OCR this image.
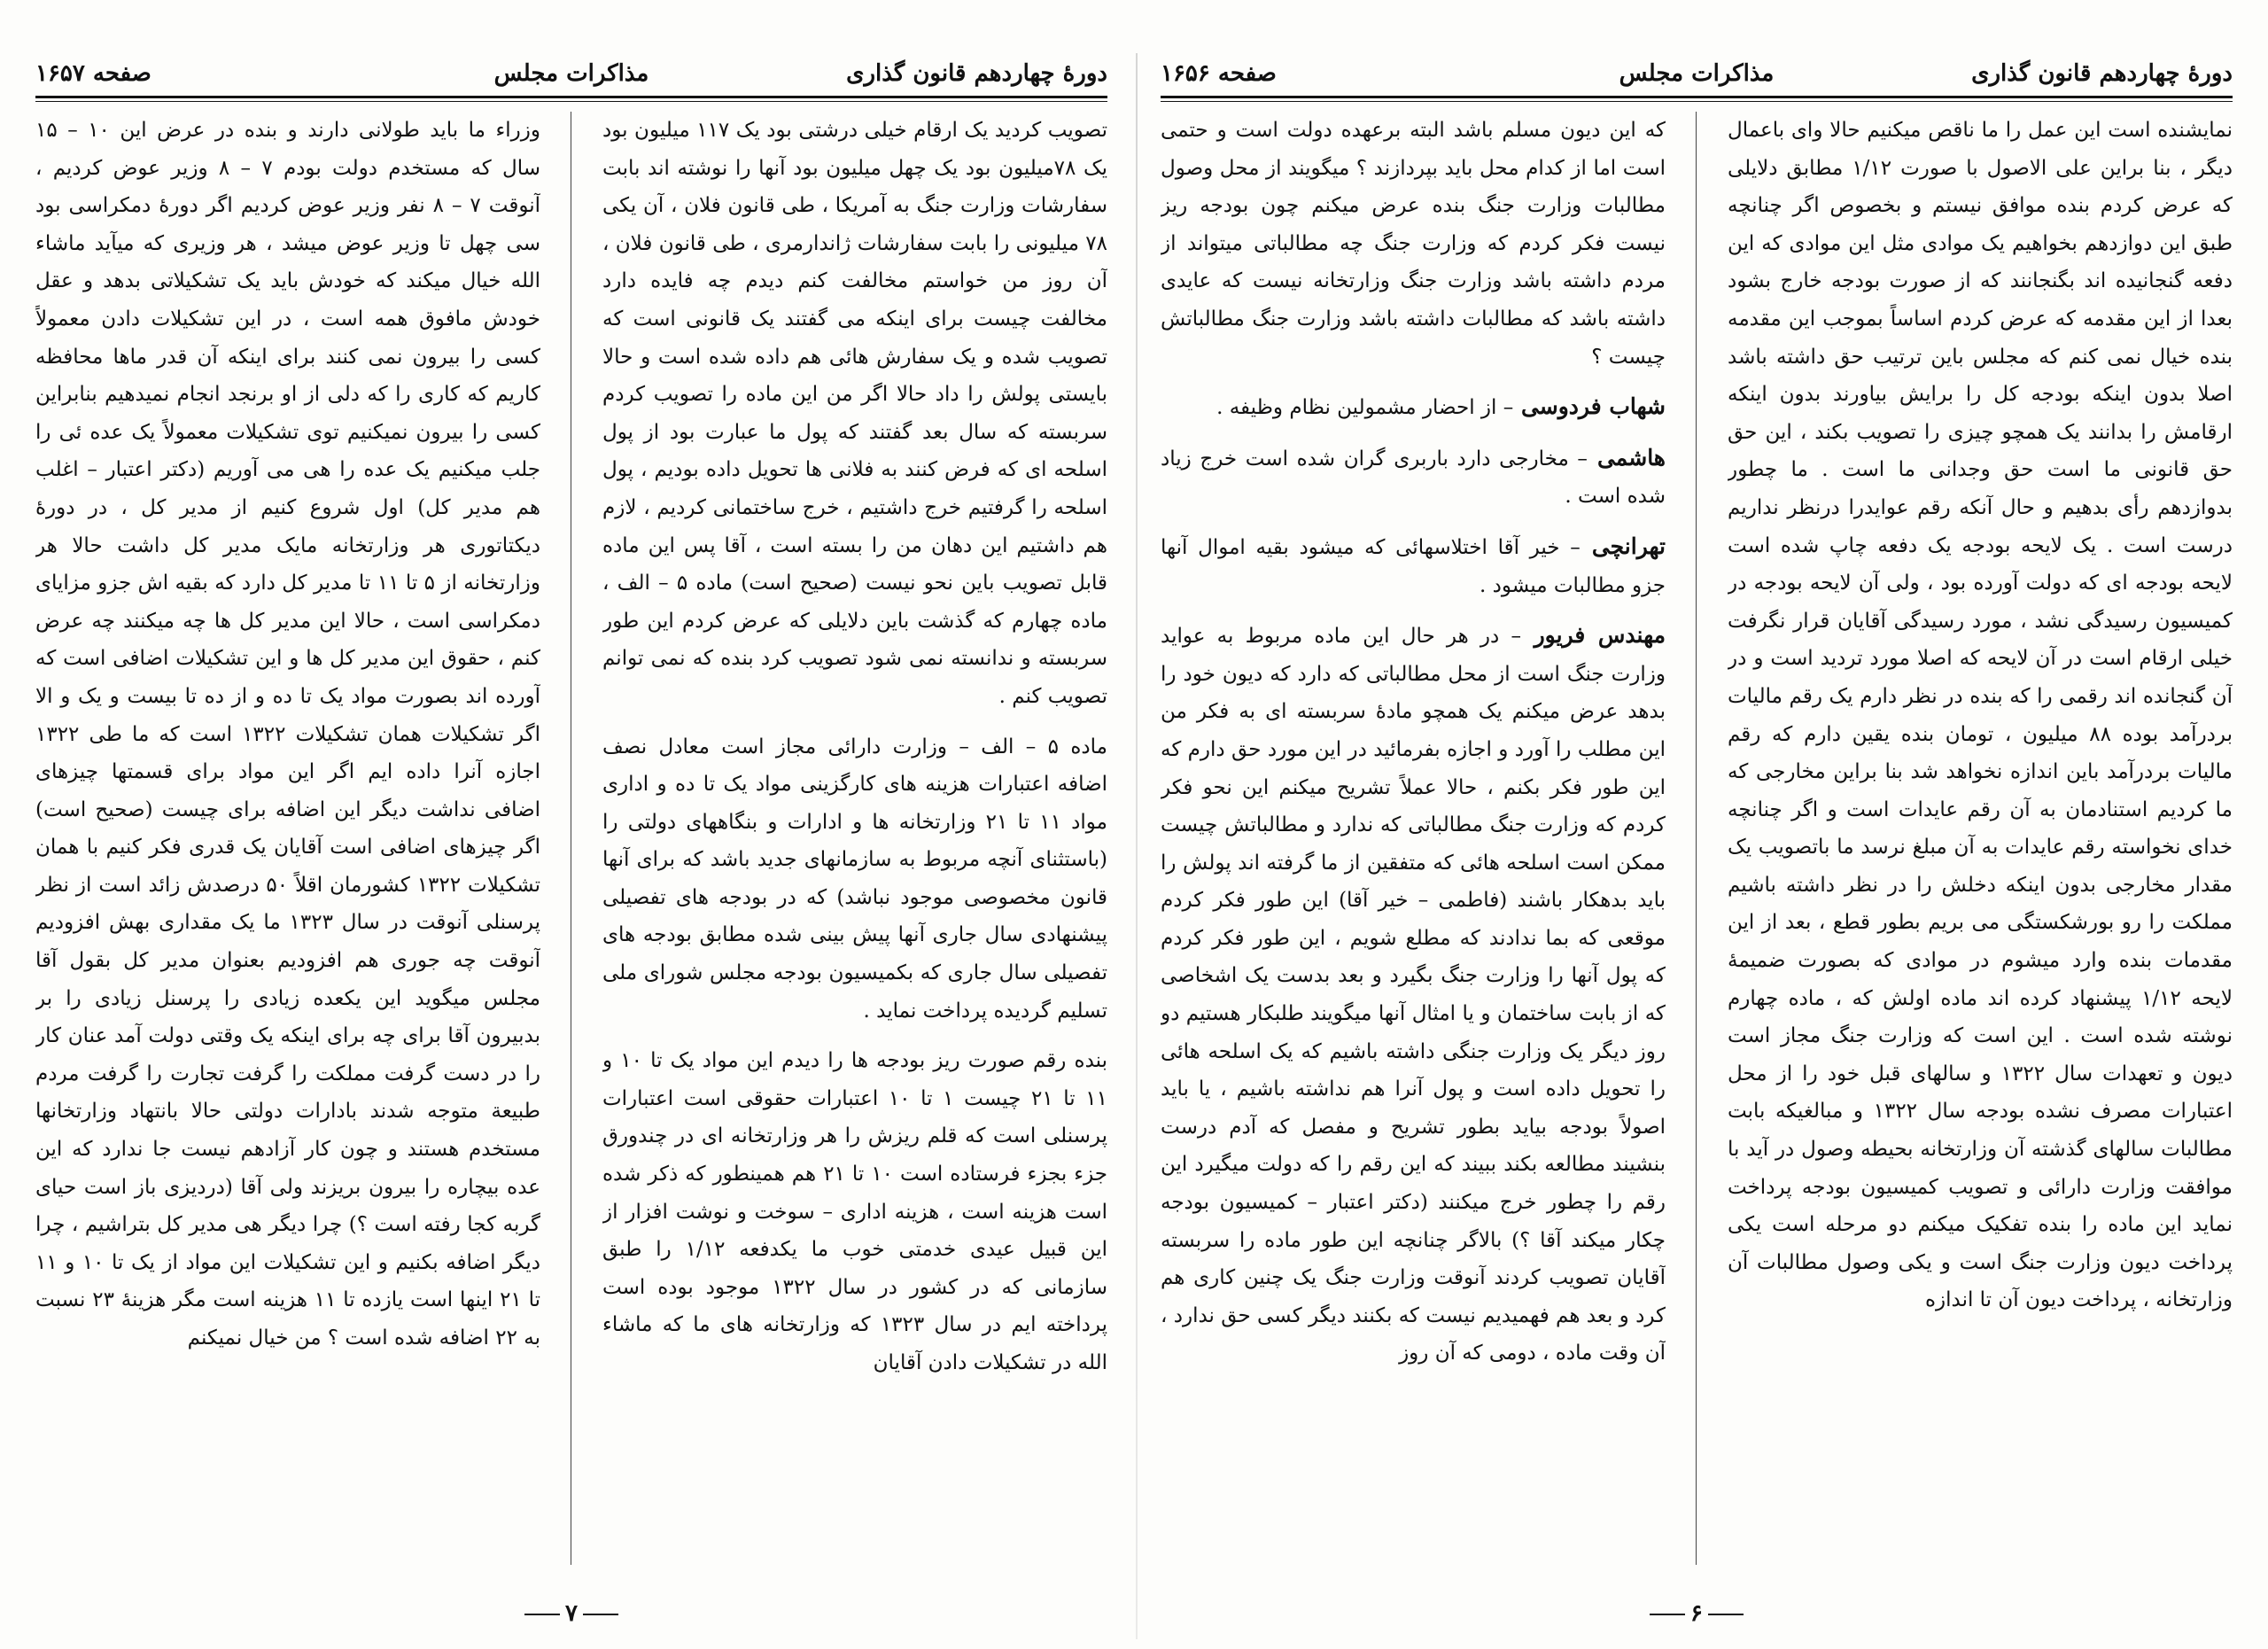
دورهٔ چهاردهم قانون گذاری
مذاکرات مجلس
صفحه ۱۶۵۷

تصویب کردید یک ارقام خیلی درشتی بود یک ۱۱۷ میلیون بود یک ۷۸میلیون بود یک چهل میلیون بود آنها را نوشته اند بابت سفارشات وزارت جنگ به آمریکا ، طی قانون فلان ، آن یکی ۷۸ میلیونی را بابت سفارشات ژاندارمری ، طی قانون فلان ، آن روز من خواستم مخالفت کنم دیدم چه فایده دارد مخالفت چیست برای اینکه می گفتند یک قانونی است که تصویب شده و یک سفارش هائی هم داده شده است و حالا بایستی پولش را داد حالا اگر من این ماده را تصویب کردم سربسته که سال بعد گفتند که پول ما عبارت بود از پول اسلحه ای که فرض کنند به فلانی ها تحویل داده بودیم ، پول اسلحه را گرفتیم خرج داشتیم ، خرج ساختمانی کردیم ، لازم هم داشتیم این دهان من را بسته است ، آقا پس این ماده قابل تصویب باین نحو نیست (صحیح است) ماده ۵ – الف ، ماده چهارم که گذشت باین دلایلی که عرض کردم این طور سربسته و ندانسته نمی شود تصویب کرد بنده که نمی توانم تصویب کنم .

ماده ۵ – الف – وزارت دارائی مجاز است معادل نصف اضافه اعتبارات هزینه های کارگزینی مواد یک تا ده و اداری مواد ۱۱ تا ۲۱ وزارتخانه ها و ادارات و بنگاههای دولتی را (باستثنای آنچه مربوط به سازمانهای جدید باشد که برای آنها قانون مخصوصی موجود نباشد) که در بودجه های تفصیلی پیشنهادی سال جاری آنها پیش بینی شده مطابق بودجه های تفصیلی سال جاری که بکمیسیون بودجه مجلس شورای ملی تسلیم گردیده پرداخت نماید .

بنده رقم صورت ریز بودجه ها را دیدم این مواد یک تا ۱۰ و ۱۱ تا ۲۱ چیست ۱ تا ۱۰ اعتبارات حقوقی است اعتبارات پرسنلی است که قلم ریزش را هر وزارتخانه ای در چندورق جزء بجزء فرستاده است ۱۰ تا ۲۱ هم همینطور که ذکر شده است هزینه است ، هزینه اداری – سوخت و نوشت افزار از این قبیل عیدی خدمتی خوب ما یکدفعه ۱/۱۲ را طبق سازمانی که در کشور در سال ۱۳۲۲ موجود بوده است پرداخته ایم در سال ۱۳۲۳ که وزارتخانه های ما که ماشاء الله در تشکیلات دادن آقایان

وزراء ما باید طولانی دارند و بنده در عرض این ۱۰ – ۱۵ سال که مستخدم دولت بودم ۷ – ۸ وزیر عوض کردیم ، آنوقت ۷ – ۸ نفر وزیر عوض کردیم اگر دورهٔ دمکراسی بود سی چهل تا وزیر عوض میشد ، هر وزیری که میآید ماشاء الله خیال میکند که خودش باید یک تشکیلاتی بدهد و عقل خودش مافوق همه است ، در این تشکیلات دادن معمولاً کسی را بیرون نمی کنند برای اینکه آن قدر ماها محافظه کاریم که کاری را که دلی از او برنجد انجام نمیدهیم بنابراین کسی را بیرون نمیکنیم توی تشکیلات معمولاً یک عده ئی را جلب میکنیم یک عده را هی می آوریم (دکتر اعتبار – اغلب هم مدیر کل) اول شروع کنیم از مدیر کل ، در دورهٔ دیکتاتوری هر وزارتخانه مایک مدیر کل داشت حالا هر وزارتخانه از ۵ تا ۱۱ تا مدیر کل دارد که بقیه اش جزو مزایای دمکراسی است ، حالا این مدیر کل ها چه میکنند چه عرض کنم ، حقوق این مدیر کل ها و این تشکیلات اضافی است که آورده اند بصورت مواد یک تا ده و از ده تا بیست و یک و الا اگر تشکیلات همان تشکیلات ۱۳۲۲ است که ما طی ۱۳۲۲ اجازه آنرا داده ایم اگر این مواد برای قسمتها چیزهای اضافی نداشت دیگر این اضافه برای چیست (صحیح است) اگر چیزهای اضافی است آقایان یک قدری فکر کنیم با همان تشکیلات ۱۳۲۲ کشورمان اقلاً ۵۰ درصدش زائد است از نظر پرسنلی آنوقت در سال ۱۳۲۳ ما یک مقداری بهش افزودیم آنوقت چه جوری هم افزودیم بعنوان مدیر کل بقول آقا مجلس میگوید این یکعده زیادی را پرسنل زیادی را بر بدبیرون آقا برای چه برای اینکه یک وقتی دولت آمد عنان کار را در دست گرفت مملکت را گرفت تجارت را گرفت مردم طبیعة متوجه شدند بادارات دولتی حالا بانتهاد وزارتخانها مستخدم هستند و چون کار آزادهم نیست جا ندارد که این عده بیچاره را بیرون بریزند ولی آقا (دردیزی باز است حیای گربه کجا رفته است ؟) چرا دیگر هی مدیر کل بتراشیم ، چرا دیگر اضافه بکنیم و این تشکیلات این مواد از یک تا ۱۰ و ۱۱ تا ۲۱ اینها است یازده تا ۱۱ هزینه است مگر هزینهٔ ۲۳ نسبت به ۲۲ اضافه شده است ؟ من خیال نمیکنم

۷
دورهٔ چهاردهم قانون گذاری
مذاکرات مجلس
صفحه ۱۶۵۶

نمایشنده است این عمل را ما ناقص میکنیم حالا وای باعمال دیگر ، بنا براین علی الاصول با صورت ۱/۱۲ مطابق دلایلی که عرض کردم بنده موافق نیستم و بخصوص اگر چنانچه طبق این دوازدهم بخواهیم یک موادی مثل این موادی که این دفعه گنجانیده اند بگنجانند که از صورت بودجه خارج بشود بعدا از این مقدمه که عرض کردم اساساً بموجب این مقدمه بنده خیال نمی کنم که مجلس باین ترتیب حق داشته باشد اصلا بدون اینکه بودجه کل را برایش بیاورند بدون اینکه ارقامش را بدانند یک همچو چیزی را تصویب بکند ، این حق حق قانونی ما است حق وجدانی ما است . ما چطور بدوازدهم رأی بدهیم و حال آنکه رقم عوایدرا درنظر نداریم درست است . یک لایحه بودجه یک دفعه چاپ شده است لایحه بودجه ای که دولت آورده بود ، ولی آن لایحه بودجه در کمیسیون رسیدگی نشد ، مورد رسیدگی آقایان قرار نگرفت خیلی ارقام است در آن لایحه که اصلا مورد تردید است و در آن گنجانده اند رقمی را که بنده در نظر دارم یک رقم مالیات بردرآمد بوده ۸۸ میلیون ، تومان بنده یقین دارم که رقم مالیات بردرآمد باین اندازه نخواهد شد بنا براین مخارجی که ما کردیم استنادمان به آن رقم عایدات است و اگر چنانچه خدای نخواسته رقم عایدات به آن مبلغ نرسد ما باتصویب یک مقدار مخارجی بدون اینکه دخلش را در نظر داشته باشیم مملکت را رو بورشکستگی می بریم بطور قطع ، بعد از این مقدمات بنده وارد میشوم در موادی که بصورت ضمیمهٔ لایحه ۱/۱۲ پیشنهاد کرده اند ماده اولش که ، ماده چهارم نوشته شده است . این است که وزارت جنگ مجاز است دیون و تعهدات سال ۱۳۲۲ و سالهای قبل خود را از محل اعتبارات مصرف نشده بودجه سال ۱۳۲۲ و مبالغیکه بابت مطالبات سالهای گذشته آن وزارتخانه بحیطه وصول در آید با موافقت وزارت دارائی و تصویب کمیسیون بودجه پرداخت نماید این ماده را بنده تفکیک میکنم دو مرحله است یکی پرداخت دیون وزارت جنگ است و یکی وصول مطالبات آن وزارتخانه ، پرداخت دیون آن تا اندازه

که این دیون مسلم باشد البته برعهده دولت است و حتمی است اما از کدام محل باید بپردازند ؟ میگویند از محل وصول مطالبات وزارت جنگ بنده عرض میکنم چون بودجه ریز نیست فکر کردم که وزارت جنگ چه مطالباتی میتواند از مردم داشته باشد وزارت جنگ وزارتخانه نیست که عایدی داشته باشد که مطالبات داشته باشد وزارت جنگ مطالباتش چیست ؟

شهاب فردوسی – از احضار مشمولین نظام وظیفه .

هاشمی – مخارجی دارد باربری گران شده است خرج زیاد شده است .

تهرانچی – خیر آقا اختلاسهائی که میشود بقیه اموال آنها جزو مطالبات میشود .

مهندس فریور – در هر حال این ماده مربوط به عواید وزارت جنگ است از محل مطالباتی که دارد که دیون خود را بدهد عرض میکنم یک همچو مادهٔ سربسته ای به فکر من این مطلب را آورد و اجازه بفرمائید در این مورد حق دارم که این طور فکر بکنم ، حالا عملاً تشریح میکنم این نحو فکر کردم که وزارت جنگ مطالباتی که ندارد و مطالباتش چیست ممکن است اسلحه هائی که متفقین از ما گرفته اند پولش را باید بدهکار باشند (فاطمی – خیر آقا) این طور فکر کردم موقعی که بما ندادند که مطلع شویم ، این طور فکر کردم که پول آنها را وزارت جنگ بگیرد و بعد بدست یک اشخاصی که از بابت ساختمان و یا امثال آنها میگویند طلبکار هستیم دو روز دیگر یک وزارت جنگی داشته باشیم که یک اسلحه هائی را تحویل داده است و پول آنرا هم نداشته باشیم ، یا باید اصولاً بودجه بیاید بطور تشریح و مفصل که آدم درست بنشیند مطالعه بکند ببیند که این رقم را که دولت میگیرد این رقم را چطور خرج میکنند (دکتر اعتبار – کمیسیون بودجه چکار میکند آقا ؟) بالاگر چنانچه این طور ماده را سربسته آقایان تصویب کردند آنوقت وزارت جنگ یک چنین کاری هم کرد و بعد هم فهمیدیم نیست که بکنند دیگر کسی حق ندارد ، آن وقت ماده ، دومی که آن روز

۶
